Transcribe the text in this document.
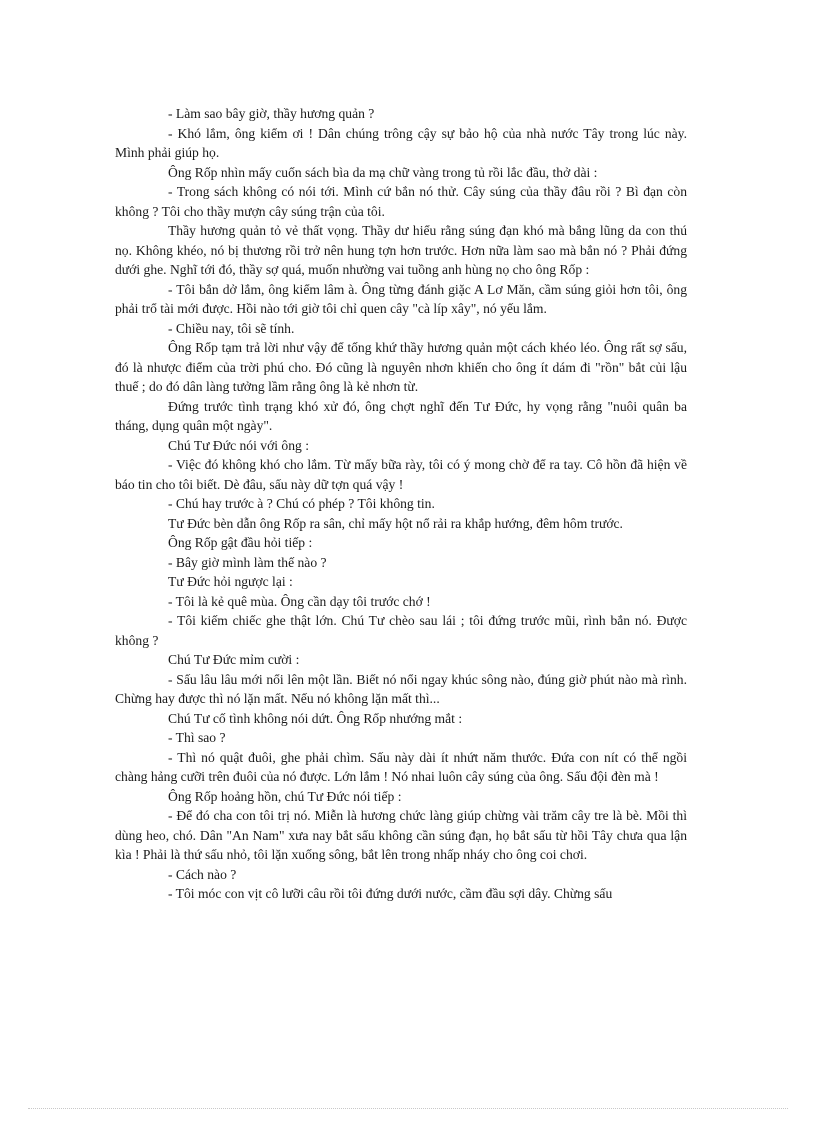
- Làm sao bây giờ, thầy hương quản ?

- Khó lắm, ông kiểm ơi ! Dân chúng trông cậy sự bảo hộ của nhà nước Tây trong lúc này. Mình phải giúp họ.

Ông Rốp nhìn mấy cuốn sách bìa da mạ chữ vàng trong tủ rồi lắc đầu, thở dài :

- Trong sách không có nói tới. Mình cứ bắn nó thử. Cây súng của thầy đâu rồi ? Bì đạn còn không ? Tôi cho thầy mượn cây súng trận của tôi.

Thầy hương quản tỏ vẻ thất vọng. Thầy dư hiểu rằng súng đạn khó mà bắng lũng da con thú nọ. Không khéo, nó bị thương rồi trở nên hung tợn hơn trước. Hơn nữa làm sao mà bắn nó ? Phải đứng dưới ghe. Nghĩ tới đó, thầy sợ quá, muốn nhường vai tuồng anh hùng nọ cho ông Rốp :

- Tôi bắn dở lắm, ông kiểm lâm à. Ông từng đánh giặc A Lơ Măn, cầm súng giỏi hơn tôi, ông phải trổ tài mới được. Hồi nào tới giờ tôi chỉ quen cây "cà líp xây", nó yếu lắm.

- Chiều nay, tôi sẽ tính.

Ông Rốp tạm trả lời như vậy để tống khứ thầy hương quản một cách khéo léo. Ông rất sợ sấu, đó là nhược điểm của trời phú cho. Đó cũng là nguyên nhơn khiến cho ông ít dám đi "rồn" bắt củi lậu thuế ; do đó dân làng tưởng lầm rằng ông là kẻ nhơn từ.

Đứng trước tình trạng khó xử đó, ông chợt nghĩ đến Tư Đức, hy vọng rằng "nuôi quân ba tháng, dụng quân một ngày".

Chú Tư Đức nói với ông :

- Việc đó không khó cho lắm. Từ mấy bữa rày, tôi có ý mong chờ để ra tay. Cô hồn đã hiện về báo tin cho tôi biết. Dè đâu, sấu này dữ tợn quá vậy !

- Chú hay trước à ? Chú có phép ? Tôi không tin.

Tư Đức bèn dẫn ông Rốp ra sân, chỉ mấy hột nổ rải ra khắp hướng, đêm hôm trước.

Ông Rốp gật đầu hỏi tiếp :

- Bây giờ mình làm thế nào ?

Tư Đức hỏi ngược lại :

- Tôi là kẻ quê mùa. Ông cần dạy tôi trước chớ !

- Tôi kiếm chiếc ghe thật lớn. Chú Tư chèo sau lái ; tôi đứng trước mũi, rình bắn nó. Được không ?

Chú Tư Đức mỉm cười :

- Sấu lâu lâu mới nổi lên một lần. Biết nó nổi ngay khúc sông nào, đúng giờ phút nào mà rình. Chừng hay được thì nó lặn mất. Nếu nó không lặn mất thì...

Chú Tư cố tình không nói dứt. Ông Rốp nhướng mắt :

- Thì sao ?

- Thì nó quật đuôi, ghe phải chìm. Sấu này dài ít nhứt năm thước. Đứa con nít có thể ngồi chàng hảng cưỡi trên đuôi của nó được. Lớn lắm ! Nó nhai luôn cây súng của ông. Sấu đội đèn mà !

Ông Rốp hoảng hồn, chú Tư Đức nói tiếp :

- Để đó cha con tôi trị nó. Miễn là hương chức làng giúp chừng vài trăm cây tre là bè. Mồi thì dùng heo, chó. Dân "An Nam" xưa nay bắt sấu không cần súng đạn, họ bắt sấu từ hồi Tây chưa qua lận kìa ! Phải là thứ sấu nhỏ, tôi lặn xuống sông, bắt lên trong nhấp nháy cho ông coi chơi.

- Cách nào ?

- Tôi móc con vịt cô lưỡi câu rồi tôi đứng dưới nước, cầm đầu sợi dây. Chừng sấu
